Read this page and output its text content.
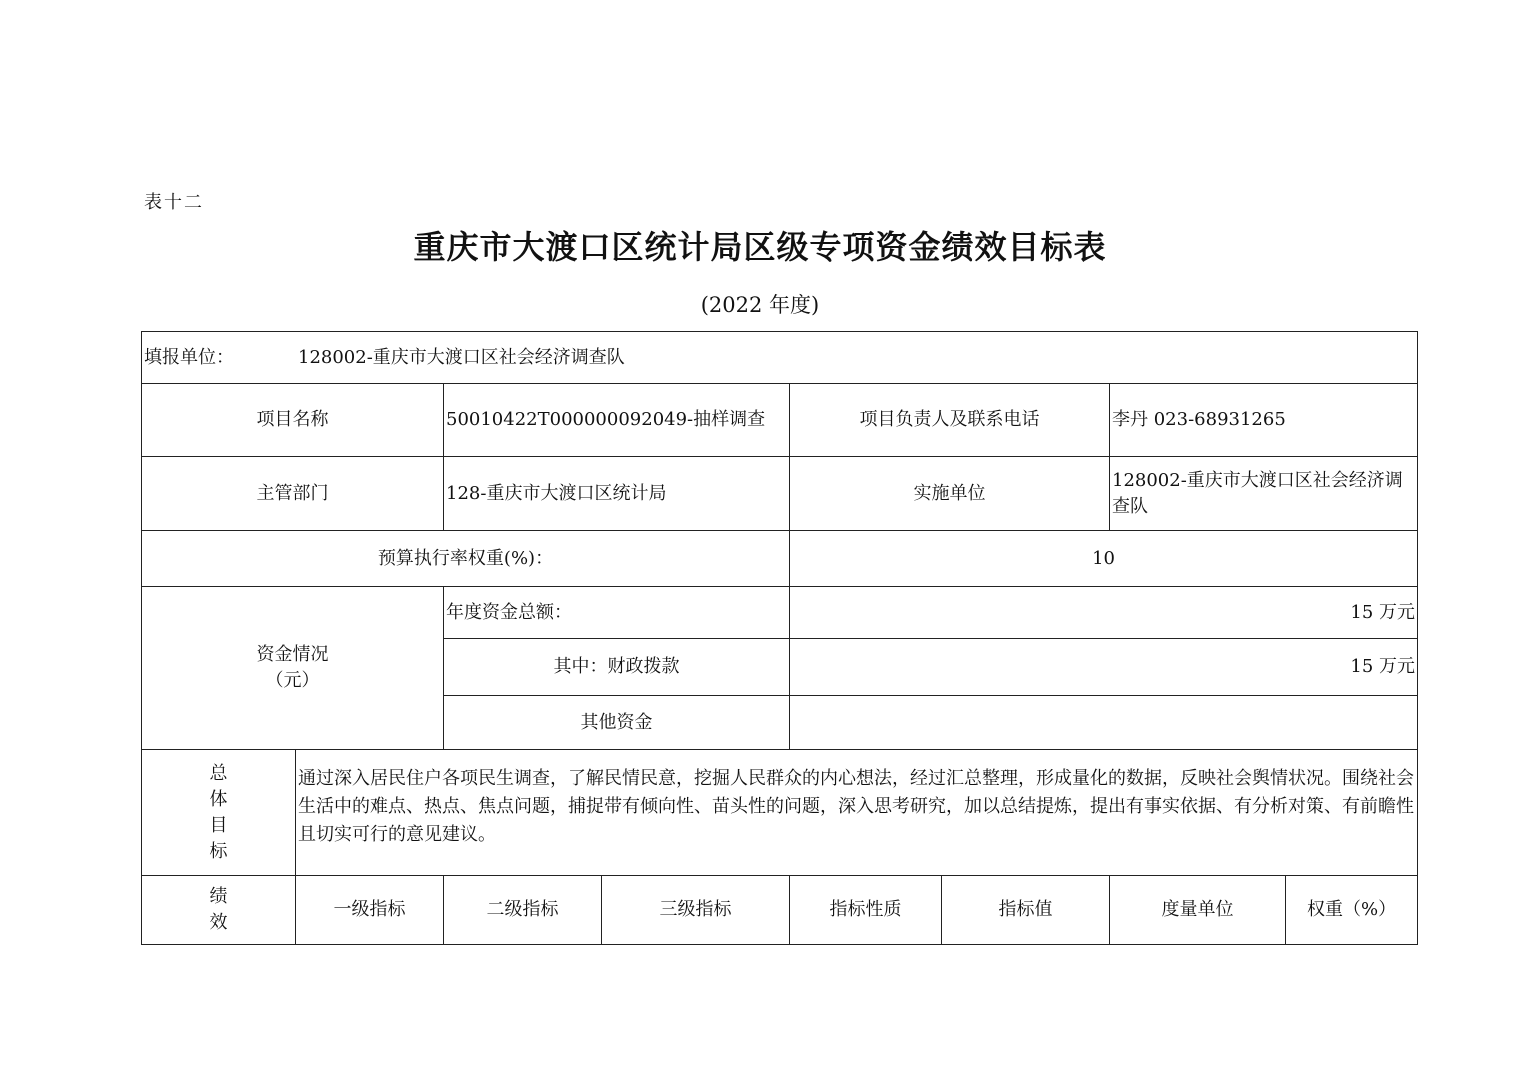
表十二
重庆市大渡口区统计局区级专项资金绩效目标表
(2022 年度)
填报单位： 128002-重庆市大渡口区社会经济调查队							
项目名称		50010422T000000092049-抽样调查		项目负责人及联系电话		李丹 023-68931265	
主管部门		128-重庆市大渡口区统计局		实施单位		128002-重庆市大渡口区社会经济调查队	
预算执行率权重(%)：				10			

资金情况
（元）		年度资金总额：		15 万元			
		其中：财政拨款		15 万元			
		其他资金					

总
体
目
标	通过深入居民住户各项民生调查，了解民情民意，挖掘人民群众的内心想法，经过汇总整理，形成量化的数据，反映社会舆情状况。围绕社会生活中的难点、热点、焦点问题，捕捉带有倾向性、苗头性的问题，深入思考研究，加以总结提炼，提出有事实依据、有分析对策、有前瞻性且切实可行的意见建议。						

绩
效	一级指标	二级指标	三级指标	指标性质	指标值	度量单位	权重（%）
